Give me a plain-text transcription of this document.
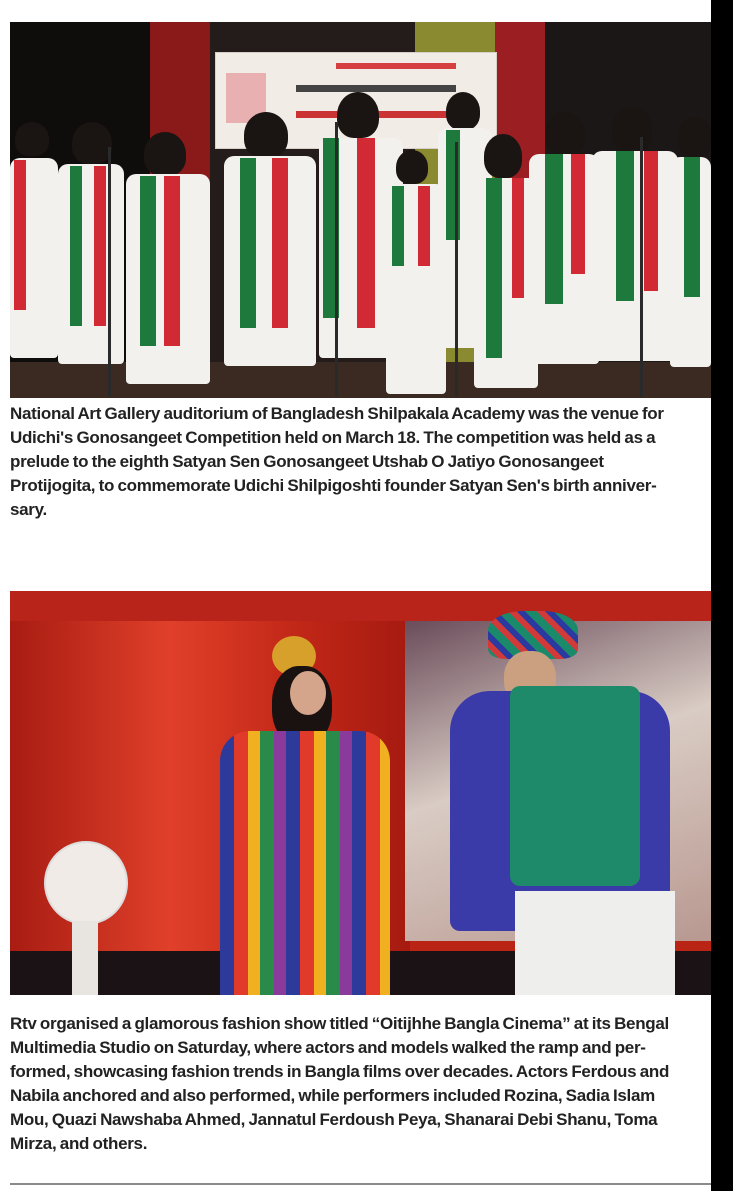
National Art Gallery auditorium of Bangladesh Shilpakala Academy was the venue for
Udichi's Gonosangeet Competition held on March 18. The competition was held as a
prelude to the eighth Satyan Sen Gonosangeet Utshab O Jatiyo Gonosangeet
Protijogita, to commemorate Udichi Shilpigoshti founder Satyan Sen's birth anniver-
sary.
Rtv organised a glamorous fashion show titled “Oitijhhe Bangla Cinema” at its Bengal
Multimedia Studio on Saturday, where actors and models walked the ramp and per-
formed, showcasing fashion trends in Bangla films over decades. Actors Ferdous and
Nabila anchored and also performed, while performers included Rozina, Sadia Islam
Mou, Quazi Nawshaba Ahmed, Jannatul Ferdoush Peya, Shanarai Debi Shanu, Toma
Mirza, and others.
